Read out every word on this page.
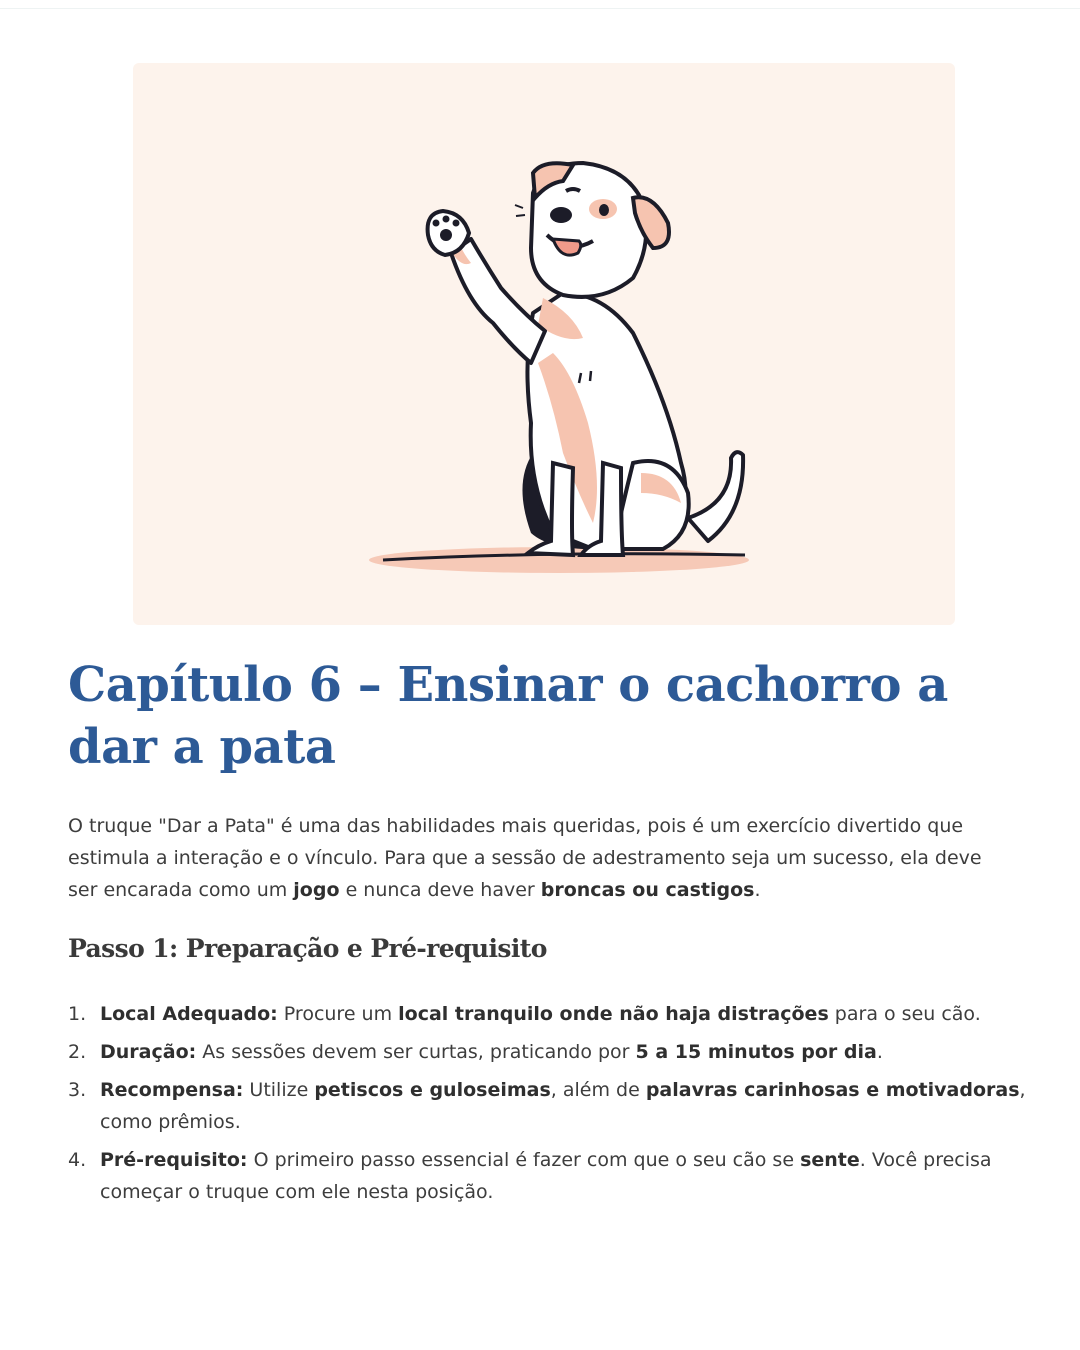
Capítulo 6 – Ensinar o cachorro a dar a pata

O truque "Dar a Pata" é uma das habilidades mais queridas, pois é um exercício divertido que estimula a interação e o vínculo. Para que a sessão de adestramento seja um sucesso, ela deve ser encarada como um jogo e nunca deve haver broncas ou castigos.

Passo 1: Preparação e Pré-requisito
1. Local Adequado: Procure um local tranquilo onde não haja distrações para o seu cão.
2. Duração: As sessões devem ser curtas, praticando por 5 a 15 minutos por dia.
3. Recompensa: Utilize petiscos e guloseimas, além de palavras carinhosas e motivadoras, como prêmios.
4. Pré-requisito: O primeiro passo essencial é fazer com que o seu cão se sente. Você precisa começar o truque com ele nesta posição.
